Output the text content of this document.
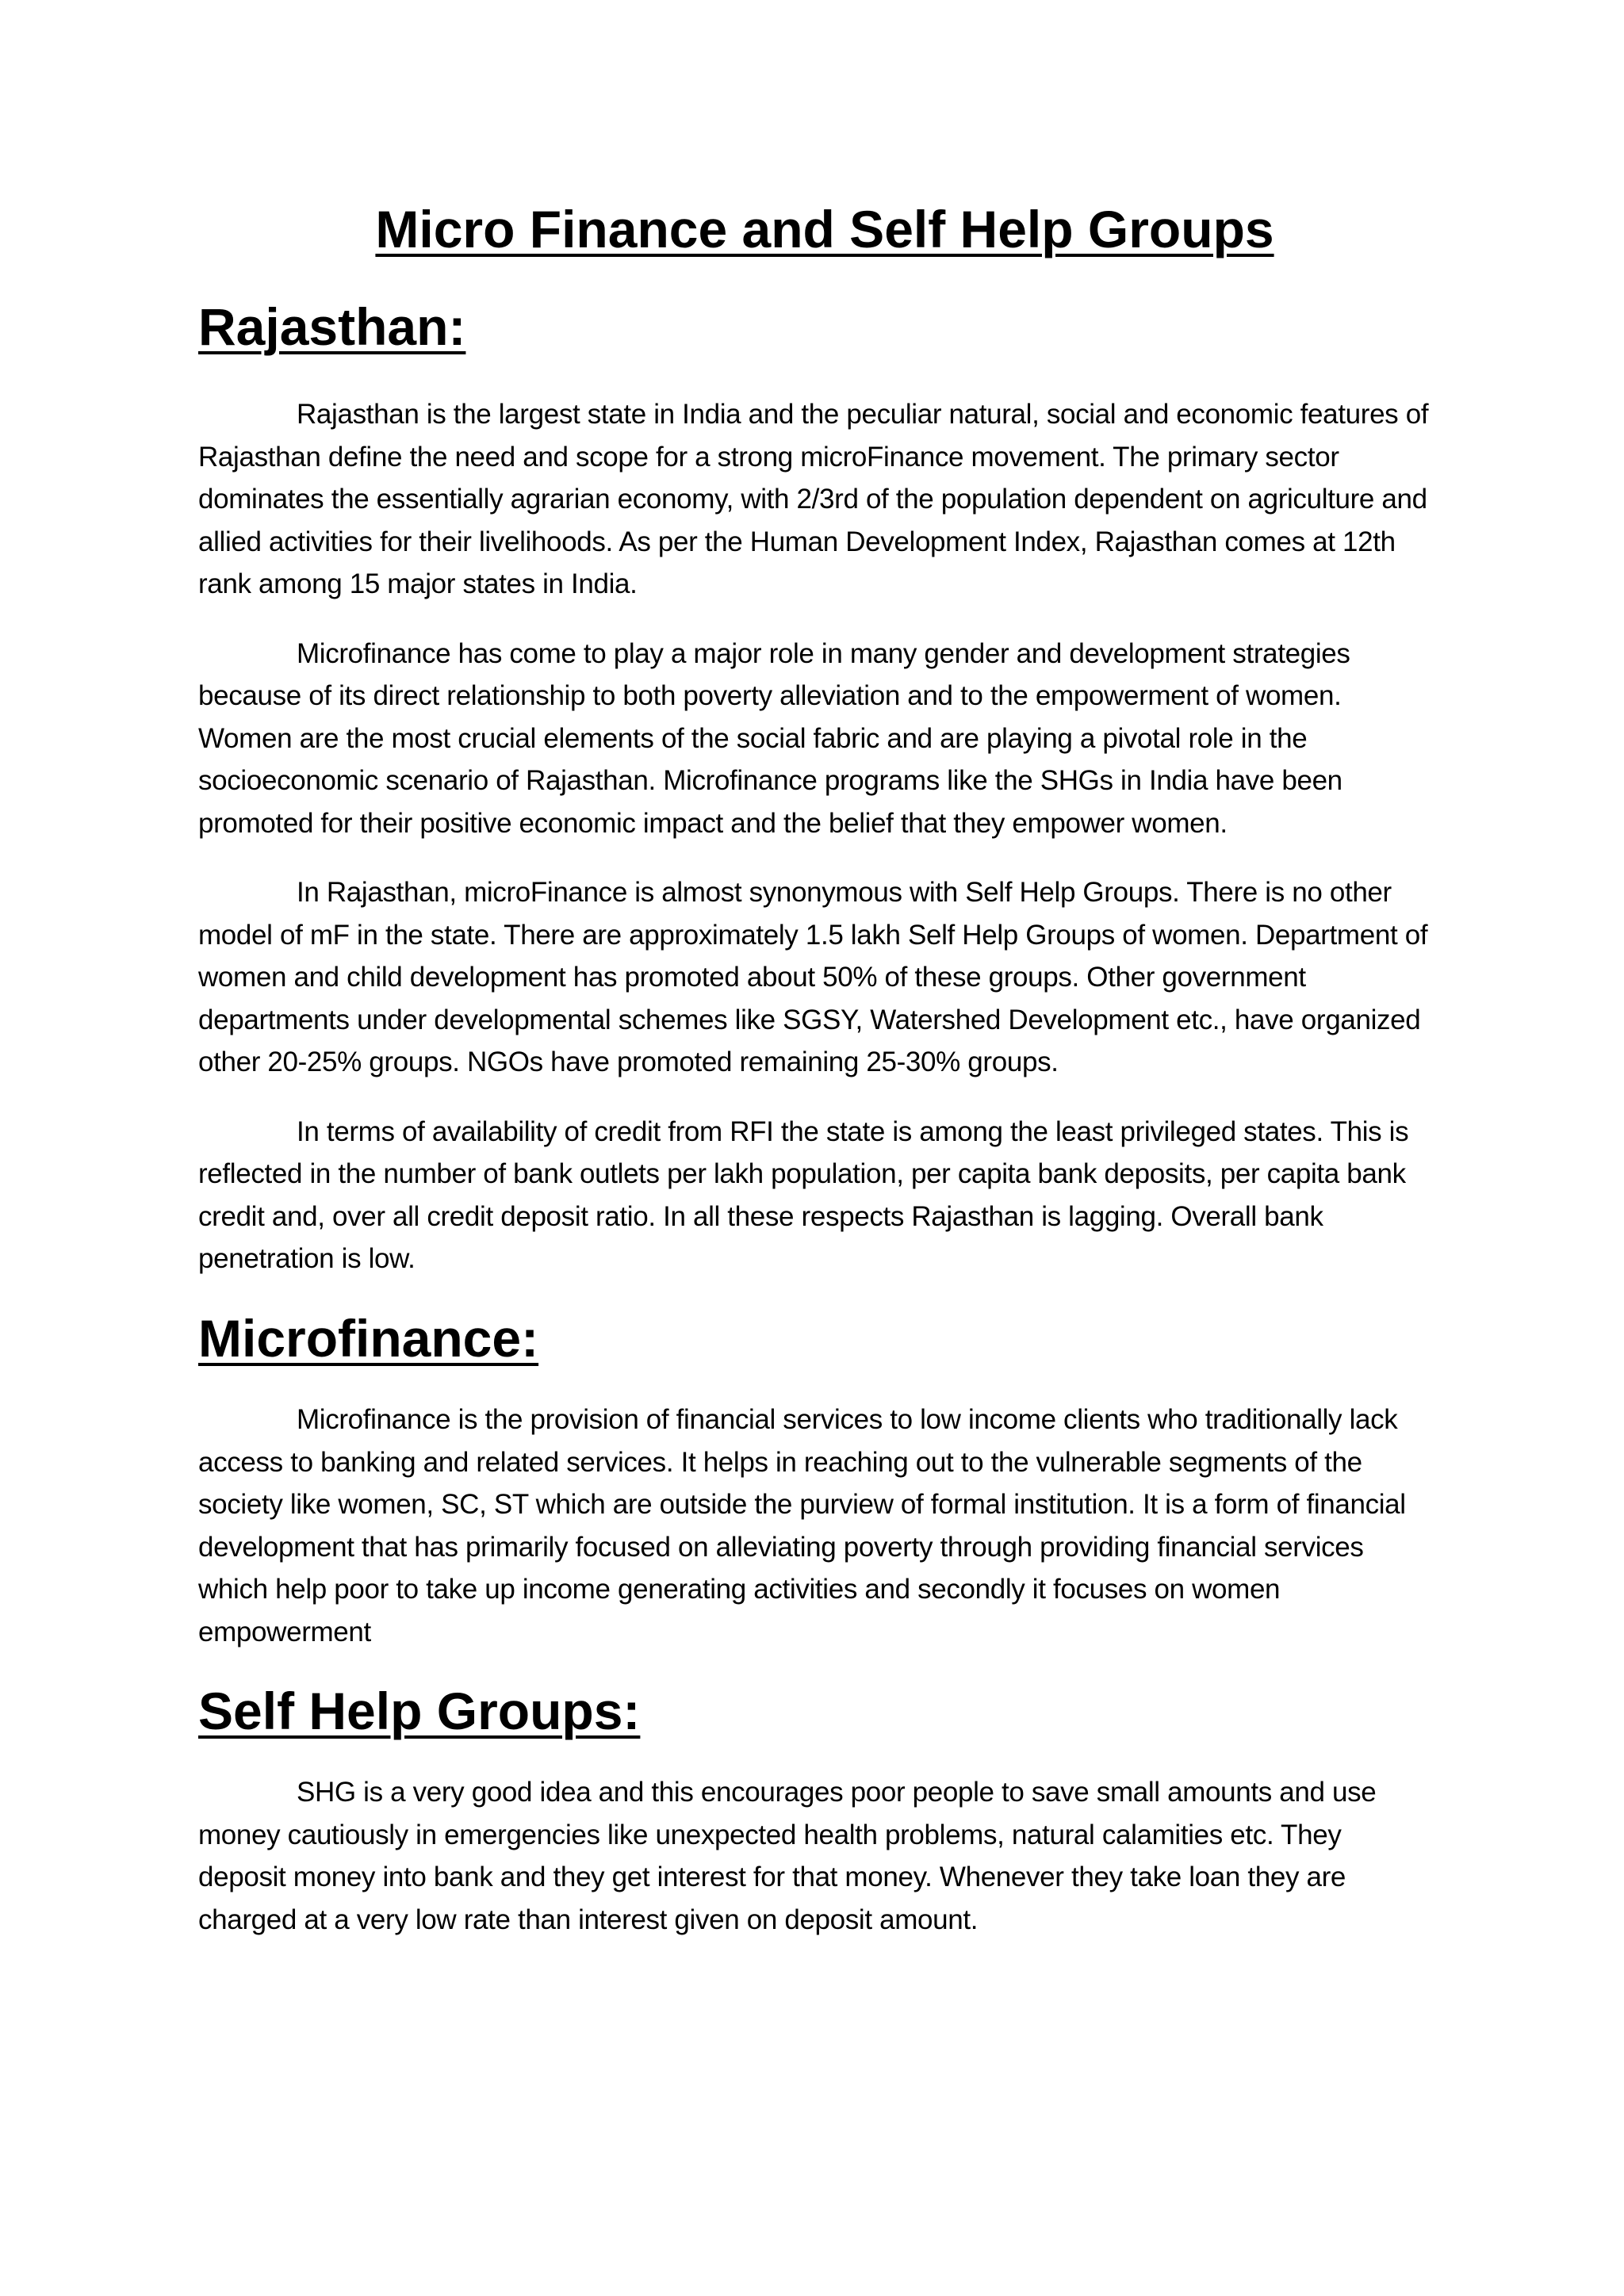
Micro Finance and Self Help Groups
Rajasthan:

Rajasthan is the largest state in India and the peculiar natural, social and economic features of Rajasthan define the need and scope for a strong microFinance movement. The primary sector dominates the essentially agrarian economy, with 2/3rd of the population dependent on agriculture and allied activities for their livelihoods. As per the Human Development Index, Rajasthan comes at 12th rank among 15 major states in India.

Microfinance has come to play a major role in many gender and development strategies because of its direct relationship to both poverty alleviation and to the empowerment of women. Women are the most crucial elements of the social fabric and are playing a pivotal role in the socioeconomic scenario of Rajasthan. Microfinance programs like the SHGs in India have been promoted for their positive economic impact and the belief that they empower women.

In Rajasthan, microFinance is almost synonymous with Self Help Groups. There is no other model of mF in the state. There are approximately 1.5 lakh Self Help Groups of women. Department of women and child development has promoted about 50% of these groups. Other government departments under developmental schemes like SGSY, Watershed Development etc., have organized other 20-25% groups. NGOs have promoted remaining 25-30% groups.

In terms of availability of credit from RFI the state is among the least privileged states. This is reflected in the number of bank outlets per lakh population, per capita bank deposits, per capita bank credit and, over all credit deposit ratio. In all these respects Rajasthan is lagging. Overall bank penetration is low.

Microfinance:

Microfinance is the provision of financial services to low income clients who traditionally lack access to banking and related services. It helps in reaching out to the vulnerable segments of the society like women, SC, ST which are outside the purview of formal institution. It is a form of financial development that has primarily focused on alleviating poverty through providing financial services which help poor to take up income generating activities and secondly it focuses on women empowerment

Self Help Groups:

SHG is a very good idea and this encourages poor people to save small amounts and use money cautiously in emergencies like unexpected health problems, natural calamities etc. They deposit money into bank and they get interest for that money. Whenever they take loan they are charged at a very low rate than interest given on deposit amount.
